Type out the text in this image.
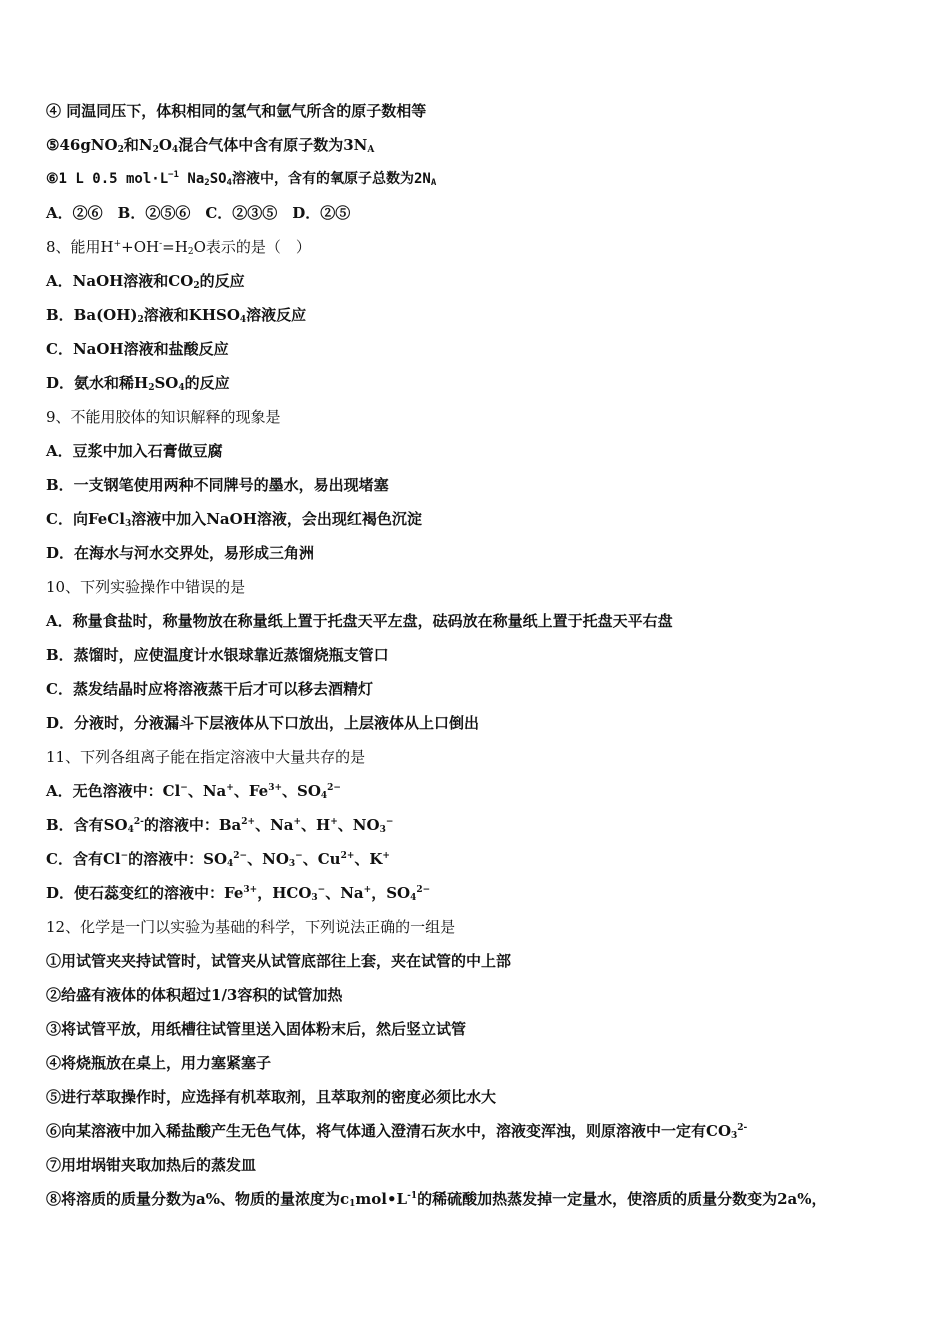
④ 同温同压下，体积相同的氢气和氩气所含的原子数相等
⑤46gNO$_2$和$N_2O_4$混合气体中含有原子数为$3N_A$
⑥1 L 0.5 $mol\cdot L^{-1}$ $Na_2SO_4$溶液中，含有的氧原子总数为$2N_A$
A．②⑥　B．②⑤⑥　C．②③⑤　D．②⑤
8、能用$H^++OH^-=H_2O$表示的是（　）
A．NaOH溶液和$CO_2$的反应
B．$Ba(OH)_2$溶液和$KHSO_4$溶液反应
C．NaOH溶液和盐酸反应
D．氨水和稀$H_2SO_4$的反应
9、不能用胶体的知识解释的现象是
A．豆浆中加入石膏做豆腐
B．一支钢笔使用两种不同牌号的墨水，易出现堵塞
C．向FeCl$_3$溶液中加入NaOH溶液，会出现红褐色沉淀
D．在海水与河水交界处，易形成三角洲
10、下列实验操作中错误的是
A．称量食盐时，称量物放在称量纸上置于托盘天平左盘，砝码放在称量纸上置于托盘天平右盘
B．蒸馏时，应使温度计水银球靠近蒸馏烧瓶支管口
C．蒸发结晶时应将溶液蒸干后才可以移去酒精灯
D．分液时，分液漏斗下层液体从下口放出，上层液体从上口倒出
11、下列各组离子能在指定溶液中大量共存的是
A．无色溶液中：Cl−、Na+、$Fe^{3+}$、$SO_4^{2-}$
B．含有$SO_4^{2-}$的溶液中：$Ba^{2+}$、Na+、H+、$NO_3^-$
C．含有Cl−的溶液中：$SO_4^{2-}$、$NO_3^-$、$Cu^{2+}$、K+
D．使石蕊变红的溶液中：$Fe^{3+}$，$HCO_3^-$、Na+，$SO_4^{2-}$
12、化学是一门以实验为基础的科学，下列说法正确的一组是
①用试管夹夹持试管时，试管夹从试管底部往上套，夹在试管的中上部
②给盛有液体的体积超过1/3容积的试管加热
③将试管平放，用纸槽往试管里送入固体粉末后，然后竖立试管
④将烧瓶放在桌上，用力塞紧塞子
⑤进行萃取操作时，应选择有机萃取剂，且萃取剂的密度必须比水大
⑥向某溶液中加入稀盐酸产生无色气体，将气体通入澄清石灰水中，溶液变浑浊，则原溶液中一定有$CO_3^{2-}$
⑦用坩埚钳夹取加热后的蒸发皿
⑧将溶质的质量分数为a%、物质的量浓度为$c_1mol•L^{-1}$的稀硫酸加热蒸发掉一定量水，使溶质的质量分数变为2a%，
